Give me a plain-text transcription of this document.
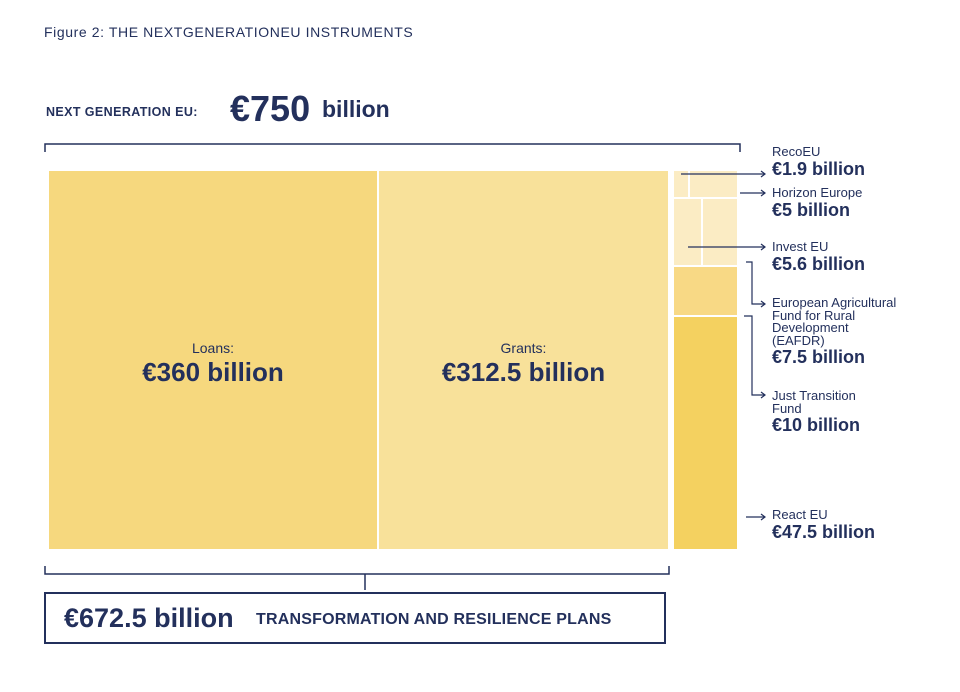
Figure 2: THE NEXTGENERATIONEU INSTRUMENTS
NEXT GENERATION EU: €750 billion
Loans:
€360 billion
Grants:
€312.5 billion
RecoEU
€1.9 billion
Horizon Europe
€5 billion
Invest EU
€5.6 billion
European Agricultural
Fund for Rural
Development
(EAFDR)
€7.5 billion
Just Transition
Fund
€10 billion
React EU
€47.5 billion
€672.5 billion TRANSFORMATION AND RESILIENCE PLANS
